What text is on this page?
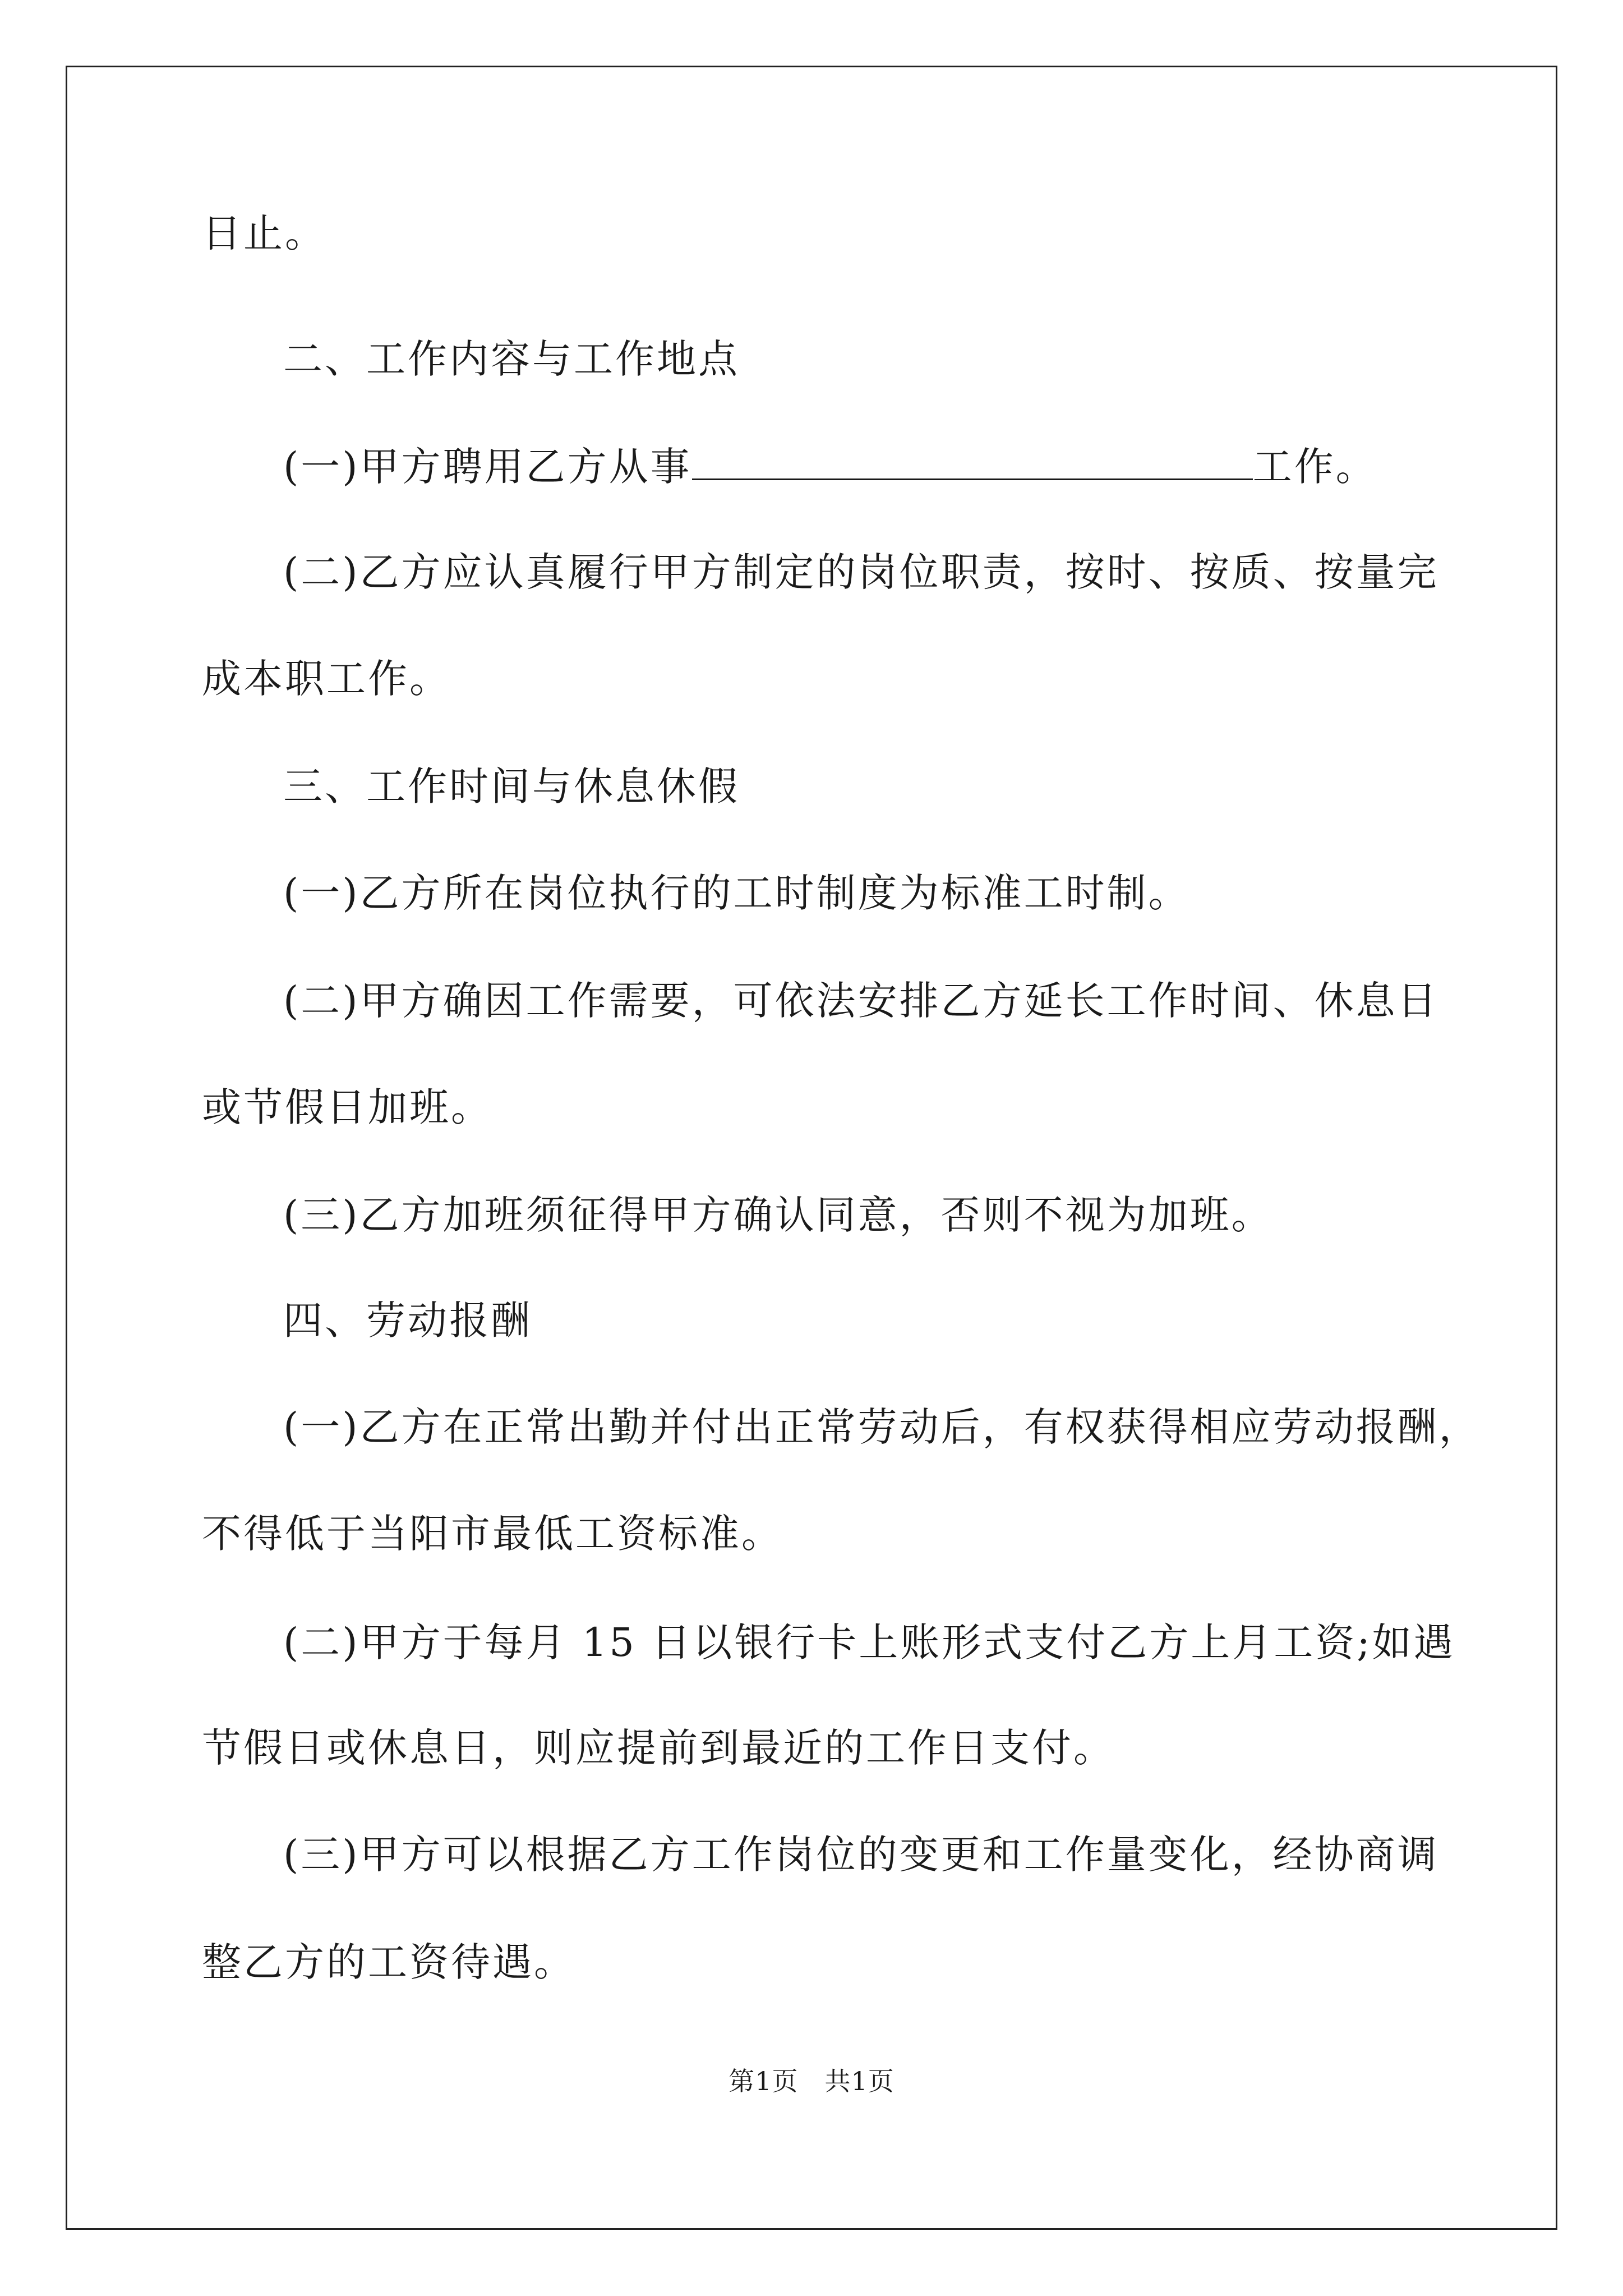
日止。
二、工作内容与工作地点
(一)甲方聘用乙方从事	工作。
(二)乙方应认真履行甲方制定的岗位职责，按时、按质、按量完
成本职工作。
三、工作时间与休息休假
(一)乙方所在岗位执行的工时制度为标准工时制。
(二)甲方确因工作需要，可依法安排乙方延长工作时间、休息日
或节假日加班。
(三)乙方加班须征得甲方确认同意，否则不视为加班。
四、劳动报酬
(一)乙方在正常出勤并付出正常劳动后，有权获得相应劳动报酬，
不得低于当阳市最低工资标准。
(二)甲方于每月 15 日以银行卡上账形式支付乙方上月工资;如遇
节假日或休息日，则应提前到最近的工作日支付。
(三)甲方可以根据乙方工作岗位的变更和工作量变化，经协商调
整乙方的工资待遇。
第1页　共1页
